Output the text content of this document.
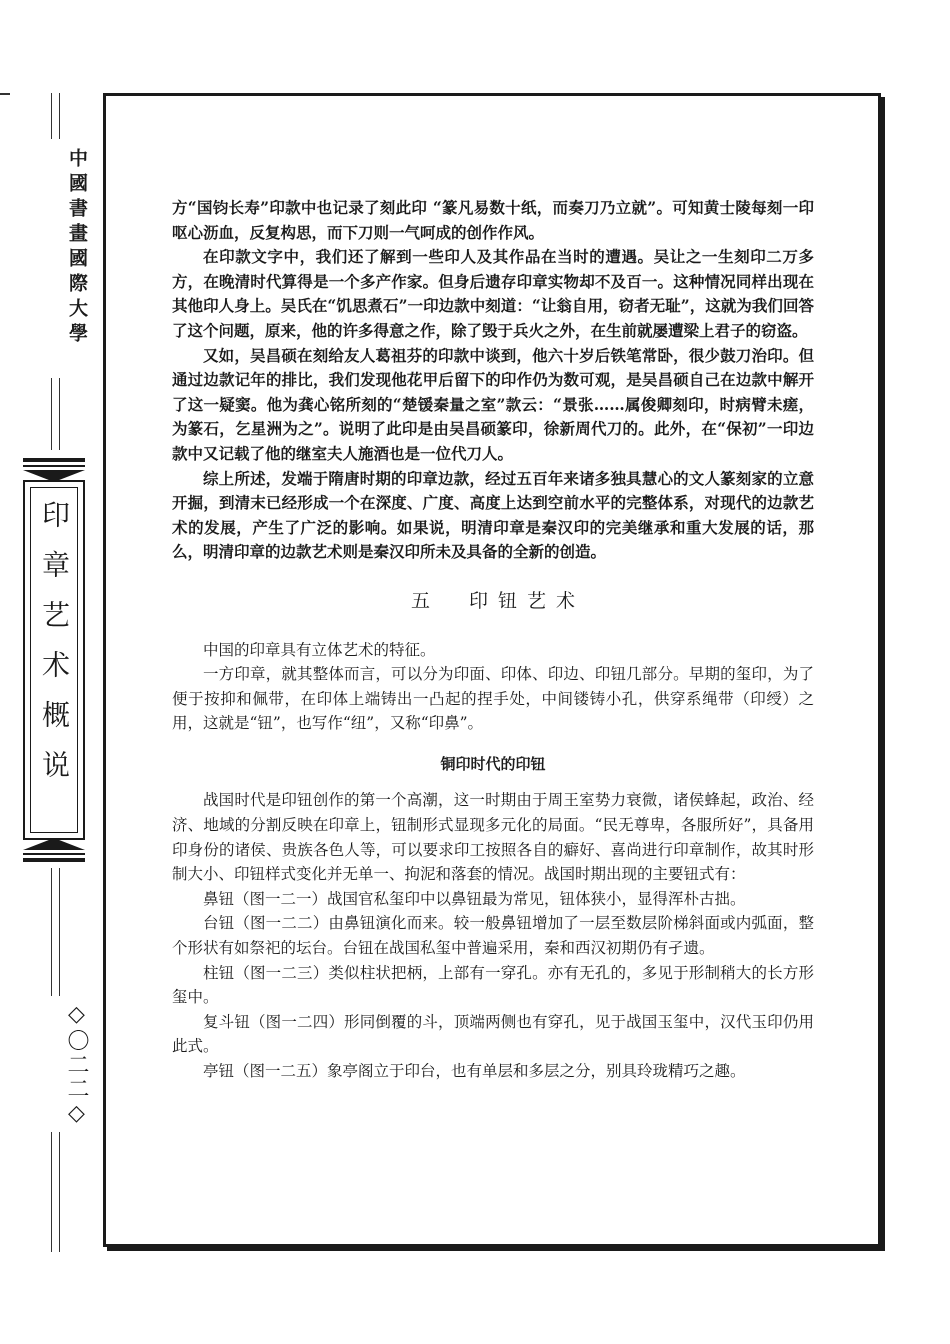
中國書畫國際大學
印章艺术概说
◇〇二二◇

方“国钧长寿”印款中也记录了刻此印 “篆凡易数十纸，而奏刀乃立就”。可知黄士陵每刻一印呕心沥血，反复构思，而下刀则一气呵成的创作作风。

在印款文字中，我们还了解到一些印人及其作品在当时的遭遇。吴让之一生刻印二万多方，在晚清时代算得是一个多产作家。但身后遗存印章实物却不及百一。这种情况同样出现在其他印人身上。吴氏在“饥思煮石”一印边款中刻道：“让翁自用，窃者无耻”，这就为我们回答了这个问题，原来，他的许多得意之作，除了毁于兵火之外，在生前就屡遭梁上君子的窃盗。

又如，吴昌硕在刻给友人葛祖芬的印款中谈到，他六十岁后铁笔常卧，很少鼓刀治印。但通过边款记年的排比，我们发现他花甲后留下的印作仍为数可观，是吴昌硕自己在边款中解开了这一疑窦。他为龚心铭所刻的“楚锾秦量之室”款云：“景张……属俊卿刻印，时病臂未瘥，为篆石，乞星洲为之”。说明了此印是由吴昌硕篆印，徐新周代刀的。此外，在“保初”一印边款中又记载了他的继室夫人施酒也是一位代刀人。

综上所述，发端于隋唐时期的印章边款，经过五百年来诸多独具慧心的文人篆刻家的立意开掘，到清末已经形成一个在深度、广度、高度上达到空前水平的完整体系，对现代的边款艺术的发展，产生了广泛的影响。如果说，明清印章是秦汉印的完美继承和重大发展的话，那么，明清印章的边款艺术则是秦汉印所未及具备的全新的创造。

五　印钮艺术

中国的印章具有立体艺术的特征。

一方印章，就其整体而言，可以分为印面、印体、印边、印钮几部分。早期的玺印，为了便于按抑和佩带，在印体上端铸出一凸起的捏手处，中间镂铸小孔，供穿系绳带（印绶）之用，这就是“钮”，也写作“纽”，又称“印鼻”。

铜印时代的印钮

战国时代是印钮创作的第一个高潮，这一时期由于周王室势力衰微，诸侯蜂起，政治、经济、地域的分割反映在印章上，钮制形式显现多元化的局面。“民无尊卑，各服所好”，具备用印身份的诸侯、贵族各色人等，可以要求印工按照各自的癖好、喜尚进行印章制作，故其时形制大小、印钮样式变化并无单一、拘泥和落套的情况。战国时期出现的主要钮式有：

鼻钮（图一二一）战国官私玺印中以鼻钮最为常见，钮体狭小，显得浑朴古拙。

台钮（图一二二）由鼻钮演化而来。较一般鼻钮增加了一层至数层阶梯斜面或内弧面，整个形状有如祭祀的坛台。台钮在战国私玺中普遍采用，秦和西汉初期仍有孑遗。

柱钮（图一二三）类似柱状把柄，上部有一穿孔。亦有无孔的，多见于形制稍大的长方形玺中。

复斗钮（图一二四）形同倒覆的斗，顶端两侧也有穿孔，见于战国玉玺中，汉代玉印仍用此式。

亭钮（图一二五）象亭阁立于印台，也有单层和多层之分，别具玲珑精巧之趣。
